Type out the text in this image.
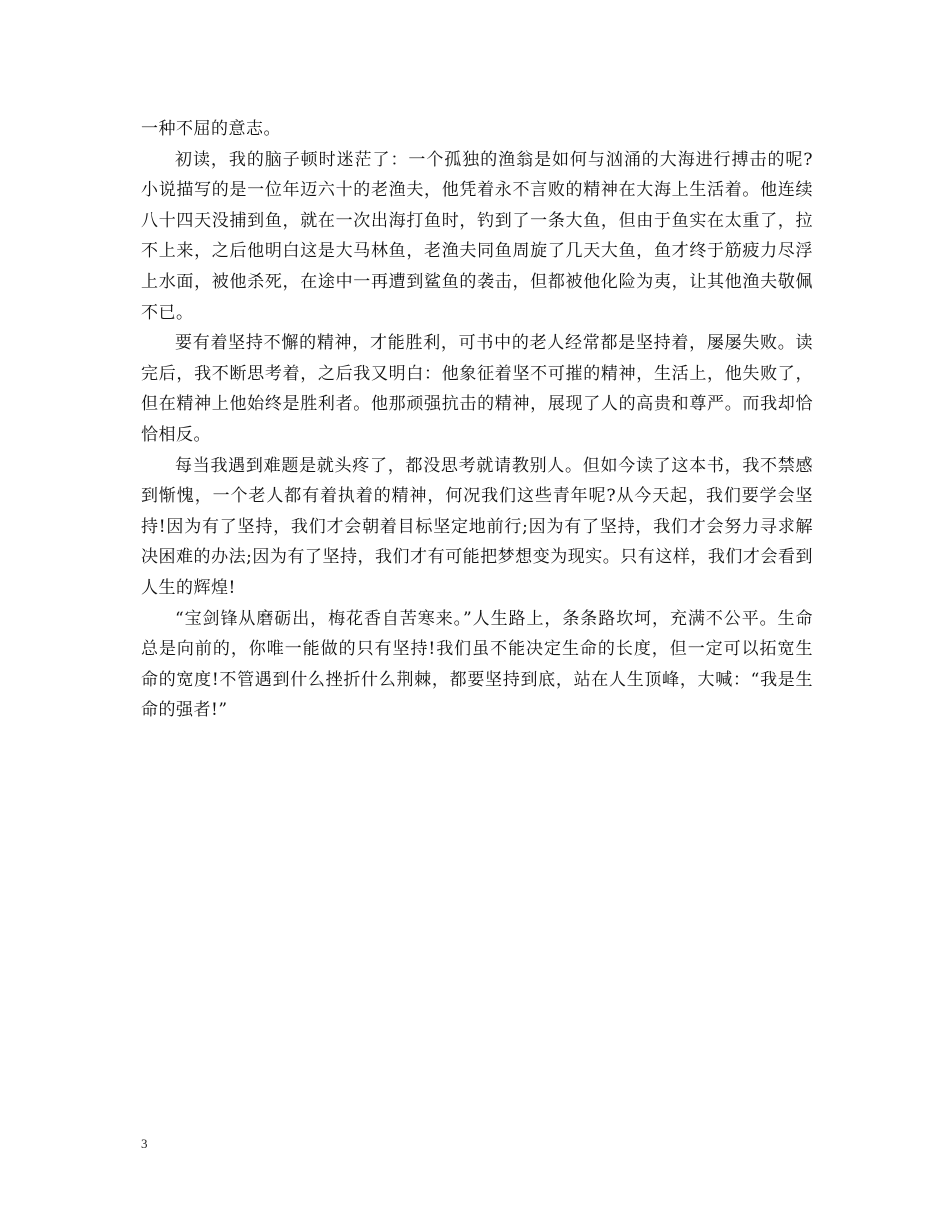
一种不屈的意志。

初读，我的脑子顿时迷茫了：一个孤独的渔翁是如何与汹涌的大海进行搏击的呢?小说描写的是一位年迈六十的老渔夫，他凭着永不言败的精神在大海上生活着。他连续八十四天没捕到鱼，就在一次出海打鱼时，钓到了一条大鱼，但由于鱼实在太重了，拉不上来，之后他明白这是大马林鱼，老渔夫同鱼周旋了几天大鱼，鱼才终于筋疲力尽浮上水面，被他杀死，在途中一再遭到鲨鱼的袭击，但都被他化险为夷，让其他渔夫敬佩不已。

要有着坚持不懈的精神，才能胜利，可书中的老人经常都是坚持着，屡屡失败。读完后，我不断思考着，之后我又明白：他象征着坚不可摧的精神，生活上，他失败了，但在精神上他始终是胜利者。他那顽强抗击的精神，展现了人的高贵和尊严。而我却恰恰相反。

每当我遇到难题是就头疼了，都没思考就请教别人。但如今读了这本书，我不禁感到惭愧，一个老人都有着执着的精神，何况我们这些青年呢?从今天起，我们要学会坚持!因为有了坚持，我们才会朝着目标坚定地前行;因为有了坚持，我们才会努力寻求解决困难的办法;因为有了坚持，我们才有可能把梦想变为现实。只有这样，我们才会看到人生的辉煌!

“宝剑锋从磨砺出，梅花香自苦寒来。”人生路上，条条路坎坷，充满不公平。生命总是向前的，你唯一能做的只有坚持!我们虽不能决定生命的长度，但一定可以拓宽生命的宽度!不管遇到什么挫折什么荆棘，都要坚持到底，站在人生顶峰，大喊：“我是生命的强者!”

3
